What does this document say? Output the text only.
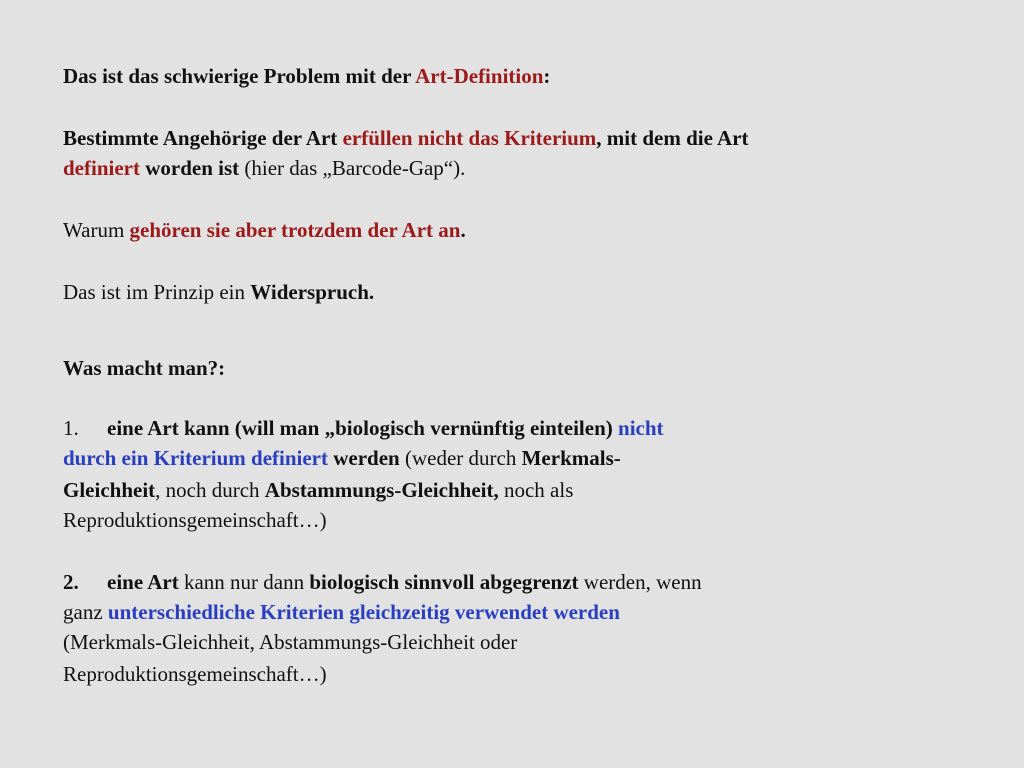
Das ist das schwierige Problem mit der Art-Definition:

Bestimmte Angehörige der Art erfüllen nicht das Kriterium, mit dem die Art

definiert worden ist (hier das „Barcode-Gap“).

Warum gehören sie aber trotzdem der Art an.

Das ist im Prinzip ein Widerspruch.

Was macht man?:

1. eine Art kann (will man „biologisch vernünftig einteilen) nicht

durch ein Kriterium definiert werden (weder durch Merkmals-

Gleichheit, noch durch Abstammungs-Gleichheit, noch als

Reproduktionsgemeinschaft…)

2. eine Art kann nur dann biologisch sinnvoll abgegrenzt werden, wenn

ganz unterschiedliche Kriterien gleichzeitig verwendet werden

(Merkmals-Gleichheit, Abstammungs-Gleichheit oder

Reproduktionsgemeinschaft…)
